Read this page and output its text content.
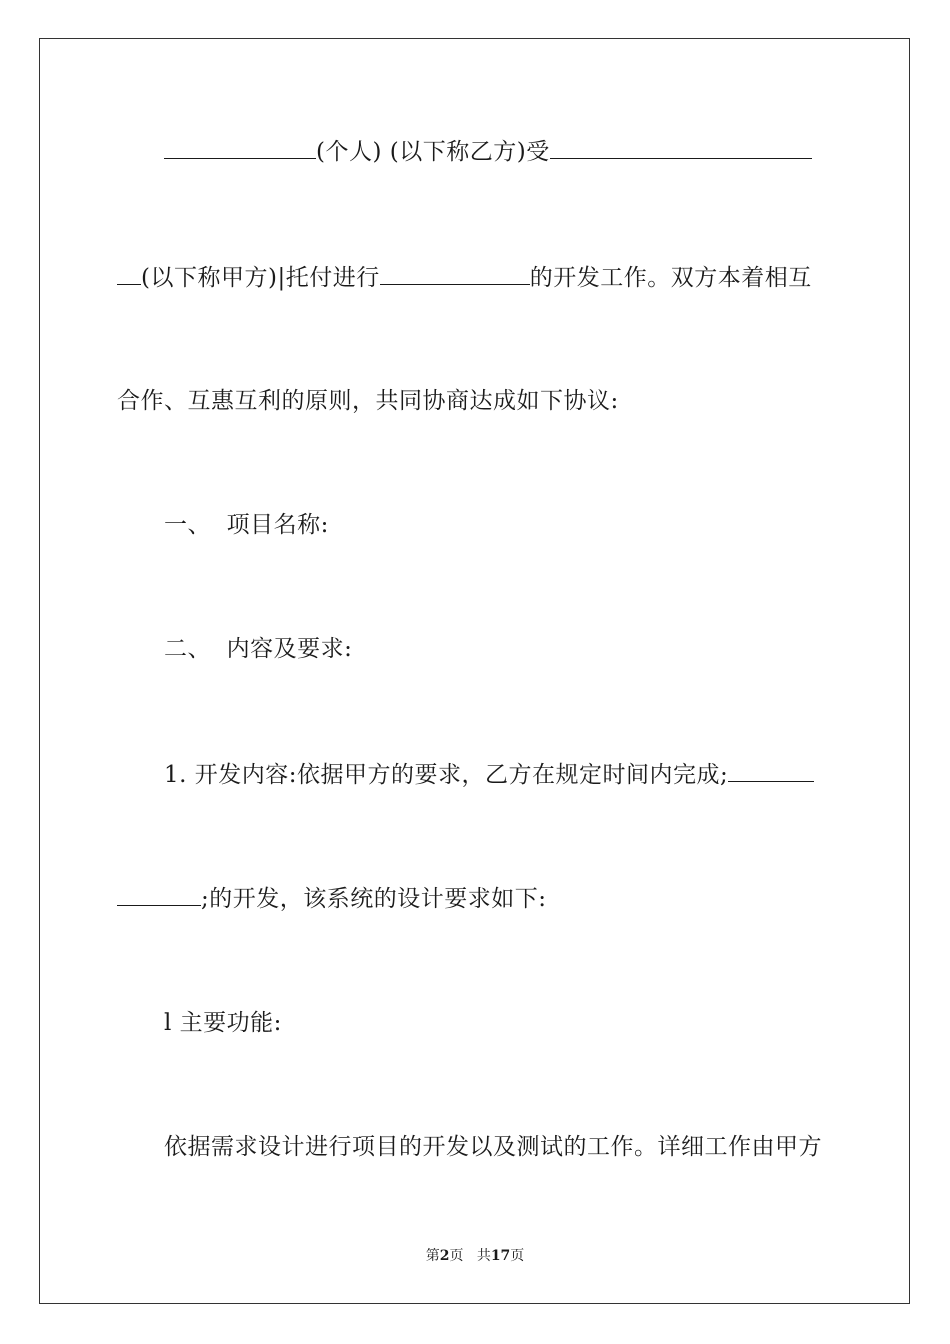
(个人) (以下称乙方)受
(以下称甲方)|托付进行	的开发工作。双方本着相互
合作、互惠互利的原则，共同协商达成如下协议:
一、  项目名称:
二、  内容及要求:
1. 开发内容:依据甲方的要求，乙方在规定时间内完成;
;的开发，该系统的设计要求如下:
l 主要功能:
依据需求设计进行项目的开发以及测试的工作。详细工作由甲方
第2页 共17页
